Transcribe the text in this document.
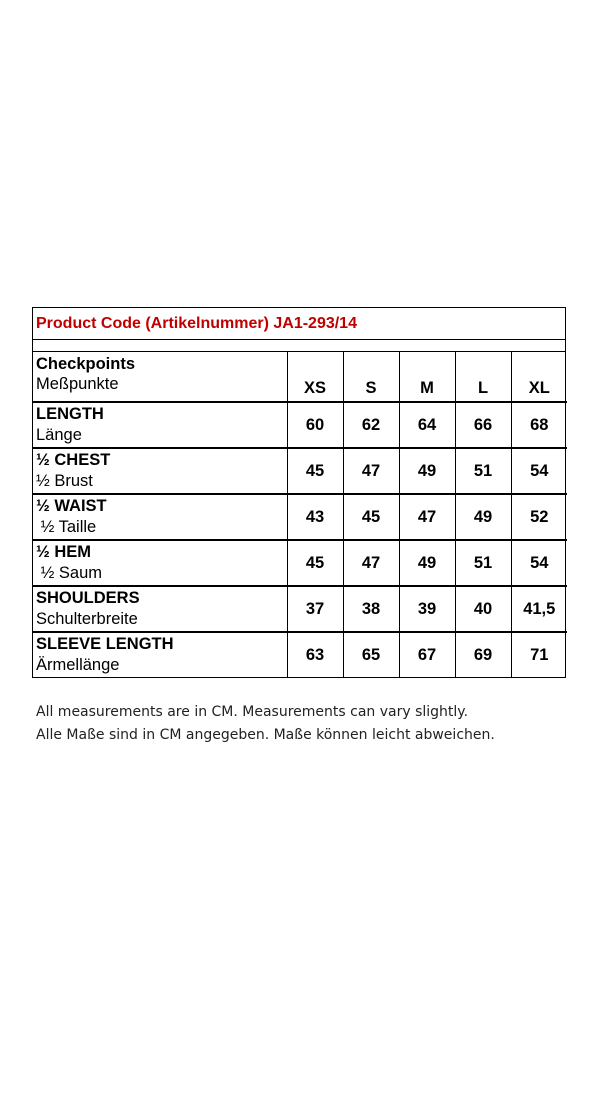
Product Code (Artikelnummer) JA1-293/14
Checkpoints
Meßpunkte	XS	S	M	L	XL

LENGTH
Länge	60	62	64	66	68

½ CHEST
½ Brust	45	47	49	51	54

½ WAIST
½ Taille	43	45	47	49	52

½ HEM
½ Saum	45	47	49	51	54

SHOULDERS
Schulterbreite	37	38	39	40	41,5

SLEEVE LENGTH
Ärmellänge	63	65	67	69	71
All measurements are in CM. Measurements can vary slightly.
Alle Maße sind in CM angegeben. Maße können leicht abweichen.
